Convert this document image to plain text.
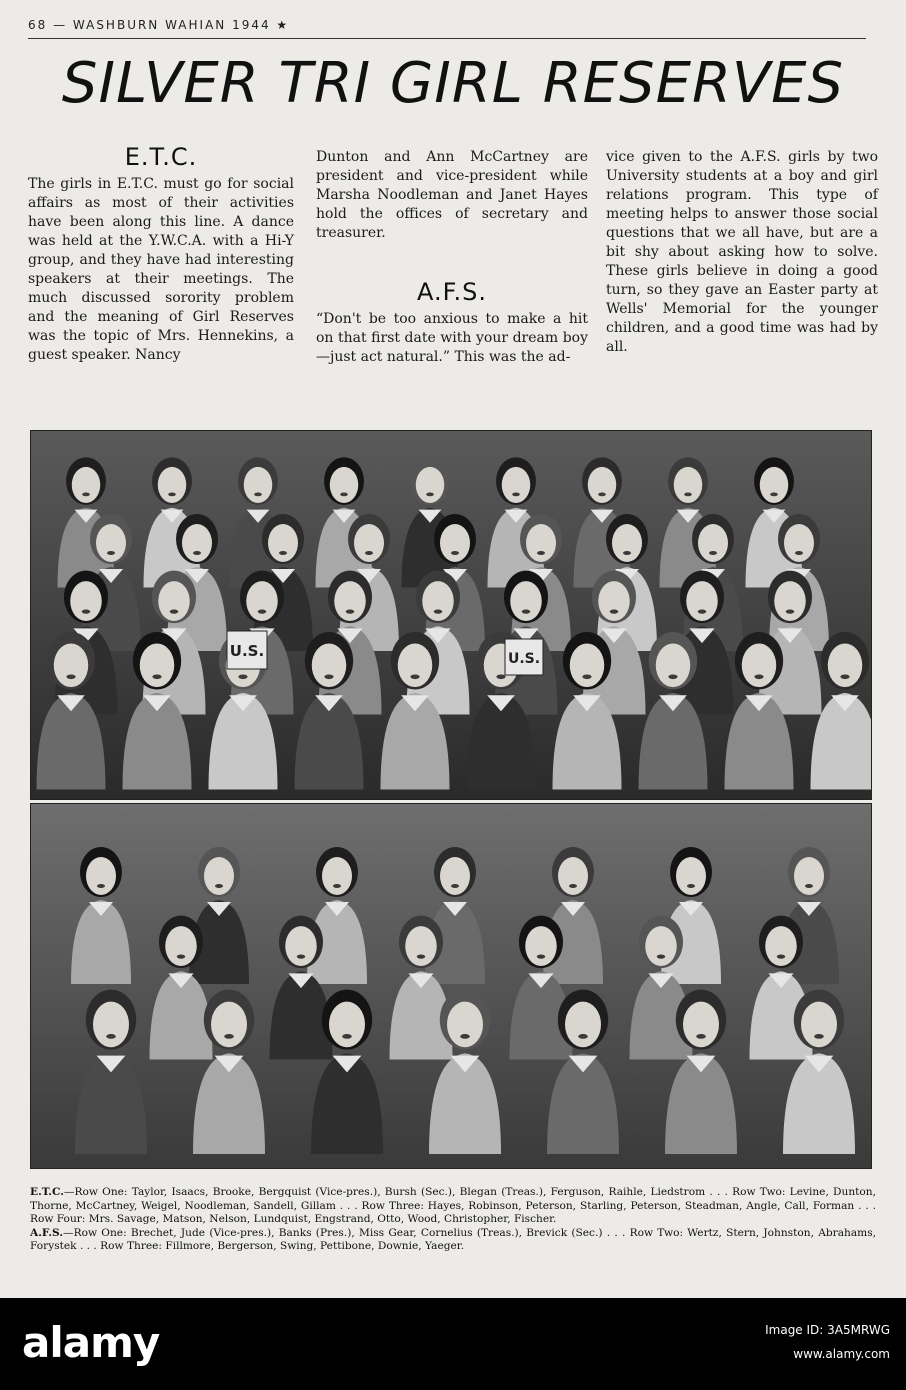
68 — WASHBURN WAHIAN 1944 ★
SILVER TRI GIRL RESERVES
E.T.C.

The girls in E.T.C. must go for social affairs as most of their activities have been along this line. A dance was held at the Y.W.C.A. with a Hi-Y group, and they have had interesting speakers at their meetings. The much discussed sorority problem and the meaning of Girl Reserves was the topic of Mrs. Hennekins, a guest speaker. Nancy

Dunton and Ann McCartney are president and vice-president while Marsha Noodleman and Janet Hayes hold the offices of secretary and treasurer.

A.F.S.

“Don't be too anxious to make a hit on that first date with your dream boy —just act natural.” This was the ad-

vice given to the A.F.S. girls by two University students at a boy and girl relations program. This type of meeting helps to answer those social questions that we all have, but are a bit shy about asking how to solve. These girls believe in doing a good turn, so they gave an Easter party at Wells' Memorial for the younger children, and a good time was had by all.

U.S.	U.S.

E.T.C.—Row One: Taylor, Isaacs, Brooke, Bergquist (Vice-pres.), Bursh (Sec.), Blegan (Treas.), Ferguson, Raihle, Liedstrom . . . Row Two: Levine, Dunton, Thorne, McCartney, Weigel, Noodleman, Sandell, Gillam . . . Row Three: Hayes, Robinson, Peterson, Starling, Peterson, Steadman, Angle, Call, Forman . . . Row Four: Mrs. Savage, Matson, Nelson, Lundquist, Engstrand, Otto, Wood, Christopher, Fischer.

A.F.S.—Row One: Brechet, Jude (Vice-pres.), Banks (Pres.), Miss Gear, Cornelius (Treas.), Brevick (Sec.) . . . Row Two: Wertz, Stern, Johnston, Abrahams, Forystek . . . Row Three: Fillmore, Bergerson, Swing, Pettibone, Downie, Yaeger.

alamy	Image ID: 3A5MRWG
www.alamy.com
